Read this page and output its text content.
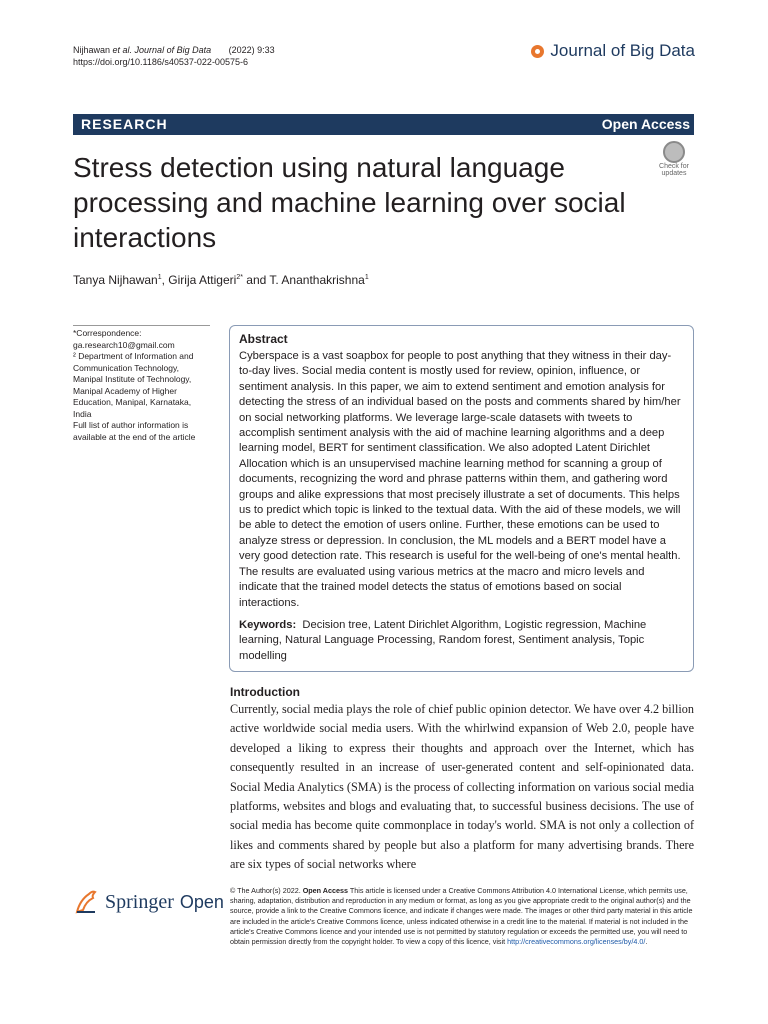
Nijhawan et al. Journal of Big Data (2022) 9:33
https://doi.org/10.1186/s40537-022-00575-6
Journal of Big Data
RESEARCH	Open Access
Stress detection using natural language processing and machine learning over social interactions
Check for
updates
Tanya Nijhawan$^1$, Girija Attigeri$^{2*}$ and T. Ananthakrishna$^1$

*Correspondence:

ga.research10@gmail.com

² Department of Information and Communication Technology, Manipal Institute of Technology, Manipal Academy of Higher Education, Manipal, Karnataka, India

Full list of author information is available at the end of the article

Abstract

Cyberspace is a vast soapbox for people to post anything that they witness in their day-to-day lives. Social media content is mostly used for review, opinion, influence, or sentiment analysis. In this paper, we aim to extend sentiment and emotion analysis for detecting the stress of an individual based on the posts and comments shared by him/her on social networking platforms. We leverage large-scale datasets with tweets to accomplish sentiment analysis with the aid of machine learning algorithms and a deep learning model, BERT for sentiment classification. We also adopted Latent Dirichlet Allocation which is an unsupervised machine learning method for scanning a group of documents, recognizing the word and phrase patterns within them, and gathering word groups and alike expressions that most precisely illustrate a set of documents. This helps us to predict which topic is linked to the textual data. With the aid of these models, we will be able to detect the emotion of users online. Further, these emotions can be used to analyze stress or depression. In conclusion, the ML models and a BERT model have a very good detection rate. This research is useful for the well-being of one's mental health. The results are evaluated using various metrics at the macro and micro levels and indicate that the trained model detects the status of emotions based on social interactions.

Keywords: Decision tree, Latent Dirichlet Algorithm, Logistic regression, Machine learning, Natural Language Processing, Random forest, Sentiment analysis, Topic modelling
Introduction

Currently, social media plays the role of chief public opinion detector. We have over 4.2 billion active worldwide social media users. With the whirlwind expansion of Web 2.0, people have developed a liking to express their thoughts and approach over the Internet, which has consequently resulted in an increase of user-generated content and self-opinionated data. Social Media Analytics (SMA) is the process of collecting information on various social media platforms, websites and blogs and evaluating that, to successful business decisions. The use of social media has become quite commonplace in today's world. SMA is not only a collection of likes and comments shared by people but also a platform for many advertising brands. There are six types of social networks where

Springer Open
© The Author(s) 2022. Open Access This article is licensed under a Creative Commons Attribution 4.0 International License, which permits use, sharing, adaptation, distribution and reproduction in any medium or format, as long as you give appropriate credit to the original author(s) and the source, provide a link to the Creative Commons licence, and indicate if changes were made. The images or other third party material in this article are included in the article's Creative Commons licence, unless indicated otherwise in a credit line to the material. If material is not included in the article's Creative Commons licence and your intended use is not permitted by statutory regulation or exceeds the permitted use, you will need to obtain permission directly from the copyright holder. To view a copy of this licence, visit http://creativecommons.org/licenses/by/4.0/.
